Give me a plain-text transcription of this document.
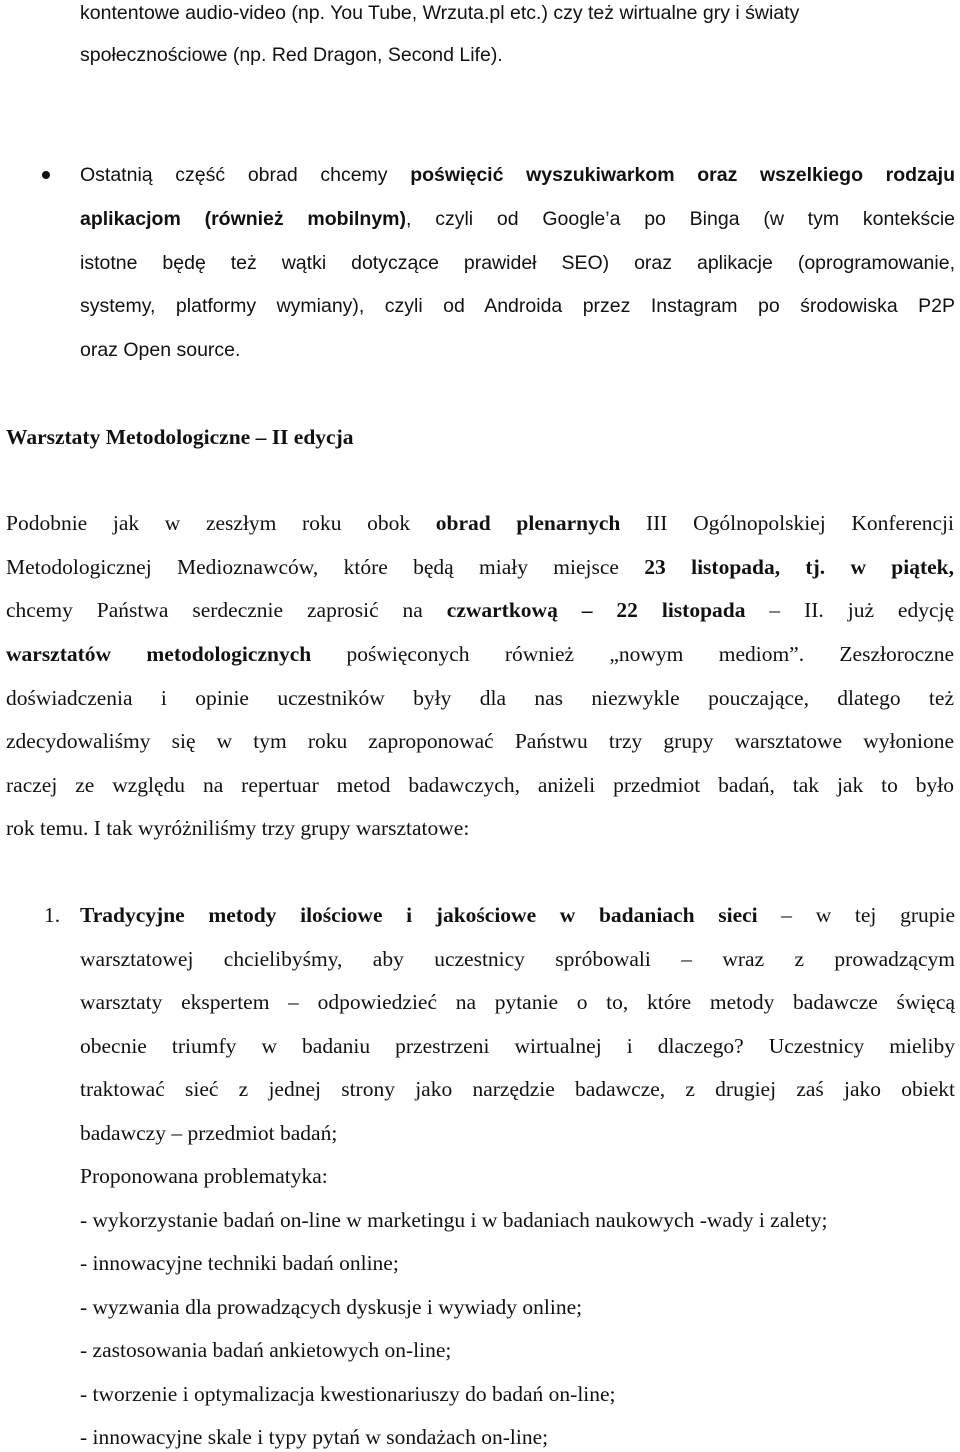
kontentowe audio-video (np. You Tube, Wrzuta.pl etc.) czy też wirtualne gry i światy
społecznościowe (np. Red Dragon, Second Life).
Ostatnią część obrad chcemy poświęcić wyszukiwarkom oraz wszelkiego rodzaju
aplikacjom (również mobilnym), czyli od Google’a po Binga (w tym kontekście
istotne będę też wątki dotyczące prawideł SEO) oraz aplikacje (oprogramowanie,
systemy, platformy wymiany), czyli od Androida przez Instagram po środowiska P2P
oraz Open source.
Warsztaty Metodologiczne – II edycja
Podobnie jak w zeszłym roku obok obrad plenarnych III Ogólnopolskiej Konferencji
Metodologicznej Medioznawców, które będą miały miejsce 23 listopada, tj. w piątek,
chcemy Państwa serdecznie zaprosić na czwartkową – 22 listopada – II. już edycję
warsztatów metodologicznych poświęconych również „nowym mediom”. Zeszłoroczne
doświadczenia i opinie uczestników były dla nas niezwykle pouczające, dlatego też
zdecydowaliśmy się w tym roku zaproponować Państwu trzy grupy warsztatowe wyłonione
raczej ze względu na repertuar metod badawczych, aniżeli przedmiot badań, tak jak to było
rok temu. I tak wyróżniliśmy trzy grupy warsztatowe:
1. Tradycyjne metody ilościowe i jakościowe w badaniach sieci – w tej grupie
warsztatowej chcielibyśmy, aby uczestnicy spróbowali – wraz z prowadzącym
warsztaty ekspertem – odpowiedzieć na pytanie o to, które metody badawcze święcą
obecnie triumfy w badaniu przestrzeni wirtualnej i dlaczego? Uczestnicy mieliby
traktować sieć z jednej strony jako narzędzie badawcze, z drugiej zaś jako obiekt
badawczy – przedmiot badań;
Proponowana problematyka:
- wykorzystanie badań on-line w marketingu i w badaniach naukowych -wady i zalety;
- innowacyjne techniki badań online;
- wyzwania dla prowadzących dyskusje i wywiady online;
- zastosowania badań ankietowych on-line;
- tworzenie i optymalizacja kwestionariuszy do badań on-line;
- innowacyjne skale i typy pytań w sondażach on-line;
